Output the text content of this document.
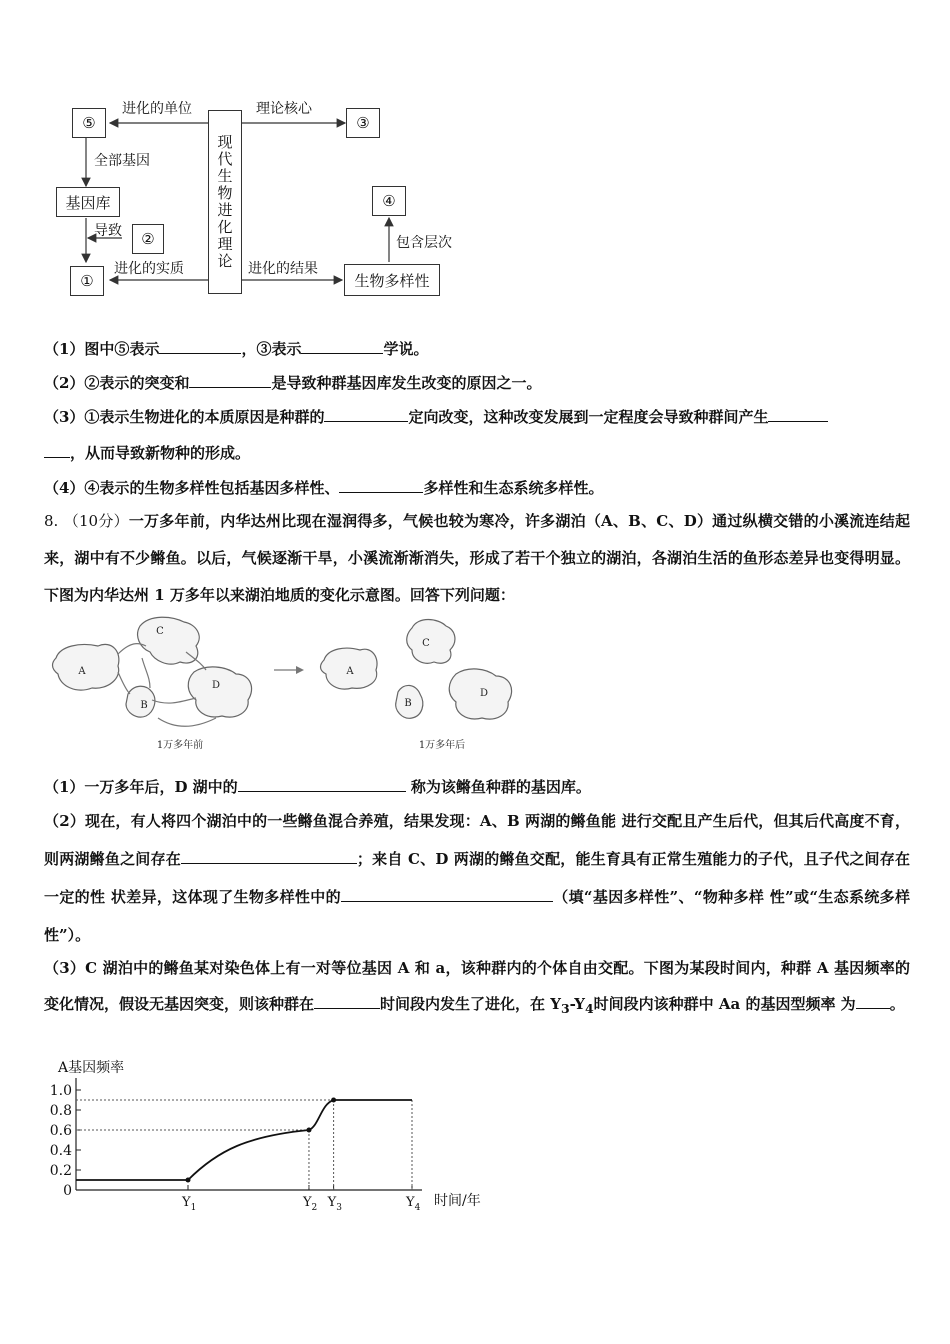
现代生物进化理论
⑤	③
基因库
②
①
④
生物多样性
进化的单位	理论核心
全部基因
导致
进化的实质	进化的结果
包含层次
（1）图中⑤表示	，③表示	学说。
（2）②表示的突变和	是导致种群基因库发生改变的原因之一。
（3）①表示生物进化的本质原因是种群的	定向改变，这种改变发展到一定程度会导致种群间产生
，从而导致新物种的形成。
（4）④表示的生物多样性包括基因多样性、	多样性和生态系统多样性。
8. （10分）一万多年前，内华达州比现在湿润得多，气候也较为寒冷，许多湖泊（A、B、C、D）通过纵横交错的小溪流连结起来，湖中有不少鳉鱼。以后，气候逐渐干旱，小溪流渐渐消失，形成了若干个独立的湖泊，各湖泊生活的鱼形态差异也变得明显。下图为内华达州 1 万多年以来湖泊地质的变化示意图。回答下列问题：
A
C
B
D
A
C
B
D
1万多年前	1万多年后
（1）一万多年后，D 湖中的	称为该鳉鱼种群的基因库。
（2）现在，有人将四个湖泊中的一些鳉鱼混合养殖，结果发现：A、B 两湖的鳉鱼能 进行交配且产生后代，但其后代高度不育，则两湖鳉鱼之间存在	；来自 C、D 两湖的鳉鱼交配，能生育具有正常生殖能力的子代，且子代之间存在一定的性 状差异，这体现了生物多样性中的	（填“基因多样性”、“物种多样 性”或“生态系统多样性”）。
（3）C 湖泊中的鳉鱼某对染色体上有一对等位基因 A 和 a，该种群内的个体自由交配。下图为某段时间内，种群 A 基因频率的变化情况，假设无基因突变，则该种群在	时间段内发生了进化，在 $Y_3-Y_4$时间段内该种群中 Aa 的基因型频率 为 。
A基因频率
时间/年
0
0.2
0.4
0.6
0.8
1.0
$Y_1$	$Y_2$ $Y_3$	$Y_4$
